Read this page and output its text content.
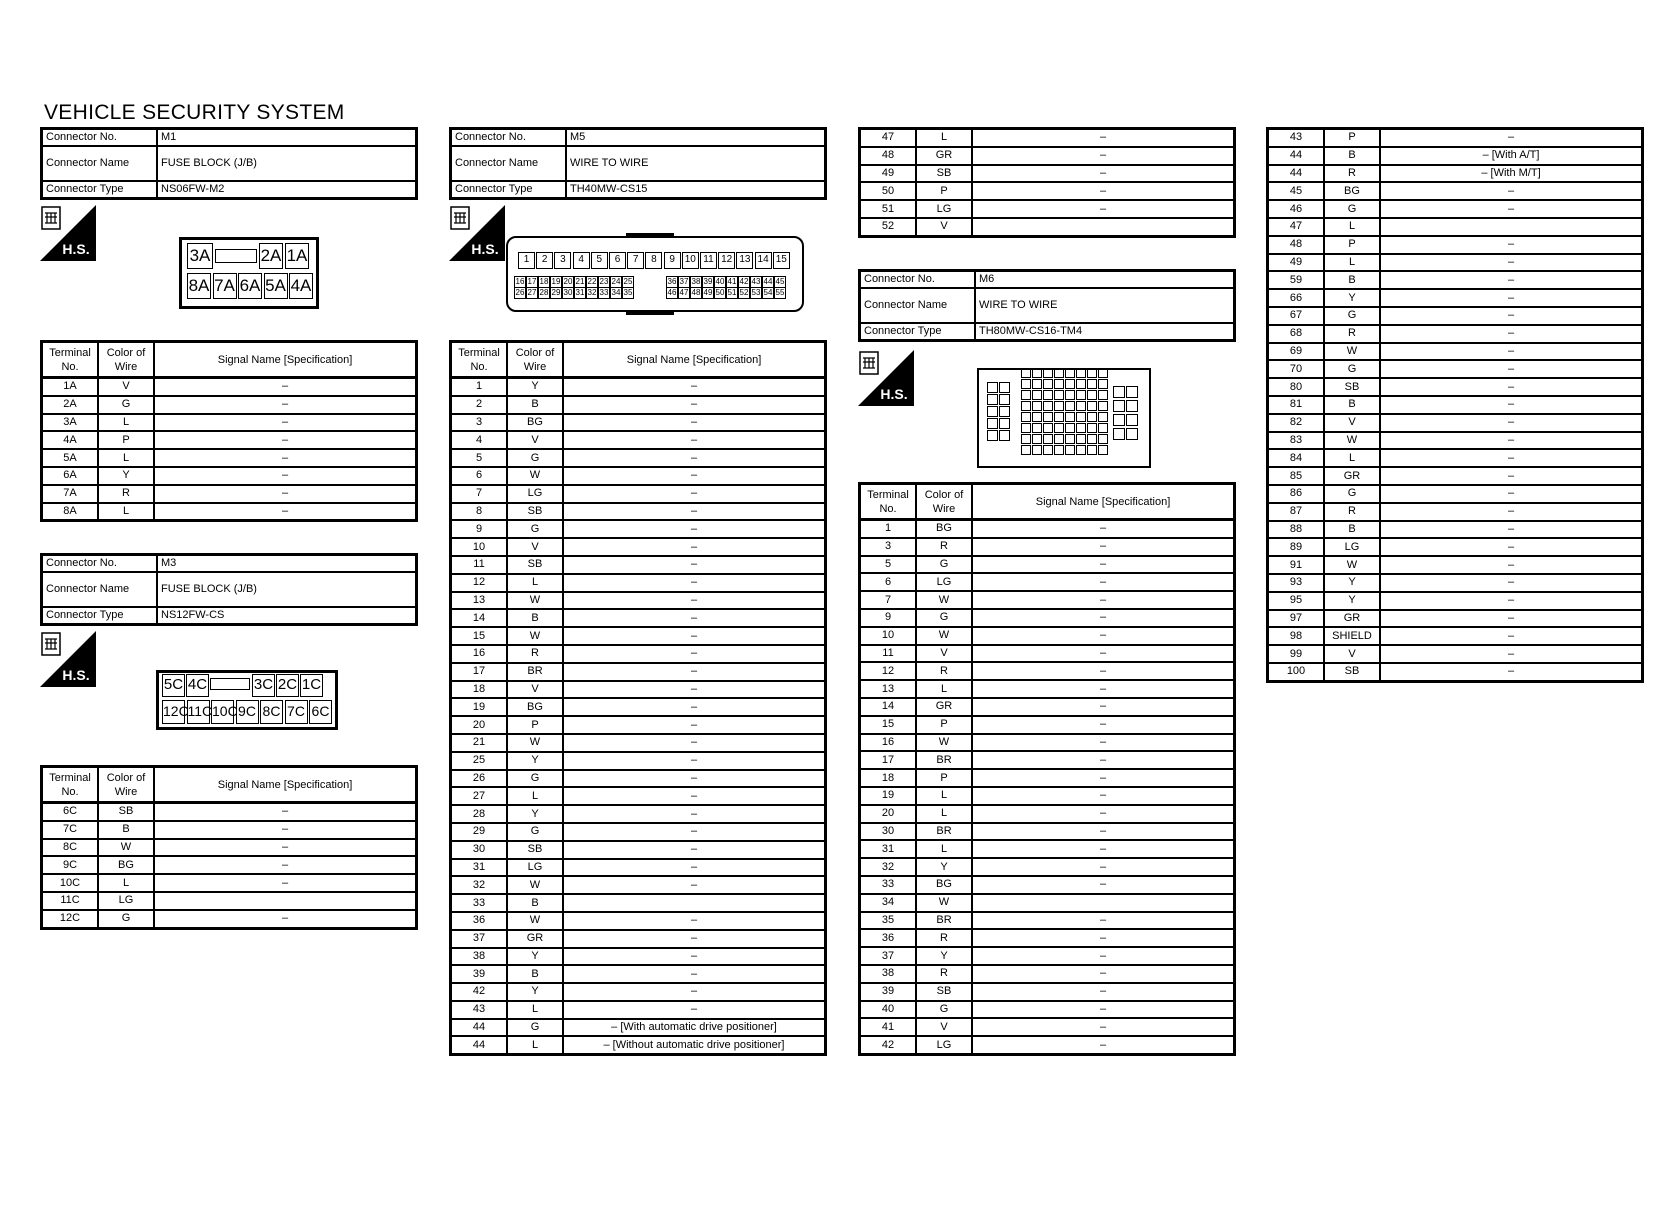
VEHICLE SECURITY SYSTEM
Connector No.	M1
Connector Name	FUSE BLOCK (J/B)
Connector Type	NS06FW-M2
H.S.	3A	2A 1A
8A 7A 6A 5A 4A
Terminal No.	Color of Wire	Signal Name [Specification]
1A	V	–
2A	G	–
3A	L	–
4A	P	–
5A	L	–
6A	Y	–
7A	R	–
8A	L	–
Connector No.	M3
Connector Name	FUSE BLOCK (J/B)
Connector Type	NS12FW-CS
H.S.
5C 4C	3C 2C 1C
12C
11C 10C 9C 8C 7C 6C
Terminal No.	Color of Wire	Signal Name [Specification]
6C	SB	–
7C	B	–
8C	W	–
9C	BG	–
10C	L	–
11C	LG	
12C	G	–
Connector No.	M5
Connector Name	WIRE TO WIRE
Connector Type	TH40MW-CS15
H.S.
1	2	3	4	5	6	7	8	9 10 11 12 13 14 15
16
26
36
46
17
27
37
47
18
28
38
48
19
29
39
49
20
30
40
50
21
31
41
51
22
32
42
52
23
33
43
53
24
34
44
54
25
35
45
55
Terminal No.	Color of Wire	Signal Name [Specification]
1	Y	–
2	B	–
3	BG	–
4	V	–
5	G	–
6	W	–
7	LG	–
8	SB	–
9	G	–
10	V	–
11	SB	–
12	L	–
13	W	–
14	B	–
15	W	–
16	R	–
17	BR	–
18	V	–
19	BG	–
20	P	–
21	W	–
25	Y	–
26	G	–
27	L	–
28	Y	–
29	G	–
30	SB	–
31	LG	–
32	W	–
33	B	
36	W	–
37	GR	–
38	Y	–
39	B	–
42	Y	–
43	L	–
44	G	– [With automatic drive positioner]
44	L	– [Without automatic drive positioner]
47	L	–
48	GR	–
49	SB	–
50	P	–
51	LG	–
52	V	
Connector No.	M6
Connector Name	WIRE TO WIRE
Connector Type	TH80MW-CS16-TM4
H.S.
Terminal No.	Color of Wire	Signal Name [Specification]
1	BG	–
3	R	–
5	G	–
6	LG	–
7	W	–
9	G	–
10	W	–
11	V	–
12	R	–
13	L	–
14	GR	–
15	P	–
16	W	–
17	BR	–
18	P	–
19	L	–
20	L	–
30	BR	–
31	L	–
32	Y	–
33	BG	–
34	W	
35	BR	–
36	R	–
37	Y	–
38	R	–
39	SB	–
40	G	–
41	V	–
42	LG	–
43	P	–
44	B	– [With A/T]
44	R	– [With M/T]
45	BG	–
46	G	–
47	L	
48	P	–
49	L	–
59	B	–
66	Y	–
67	G	–
68	R	–
69	W	–
70	G	–
80	SB	–
81	B	–
82	V	–
83	W	–
84	L	–
85	GR	–
86	G	–
87	R	–
88	B	–
89	LG	–
91	W	–
93	Y	–
95	Y	–
97	GR	–
98	SHIELD	–
99	V	–
100	SB	–
